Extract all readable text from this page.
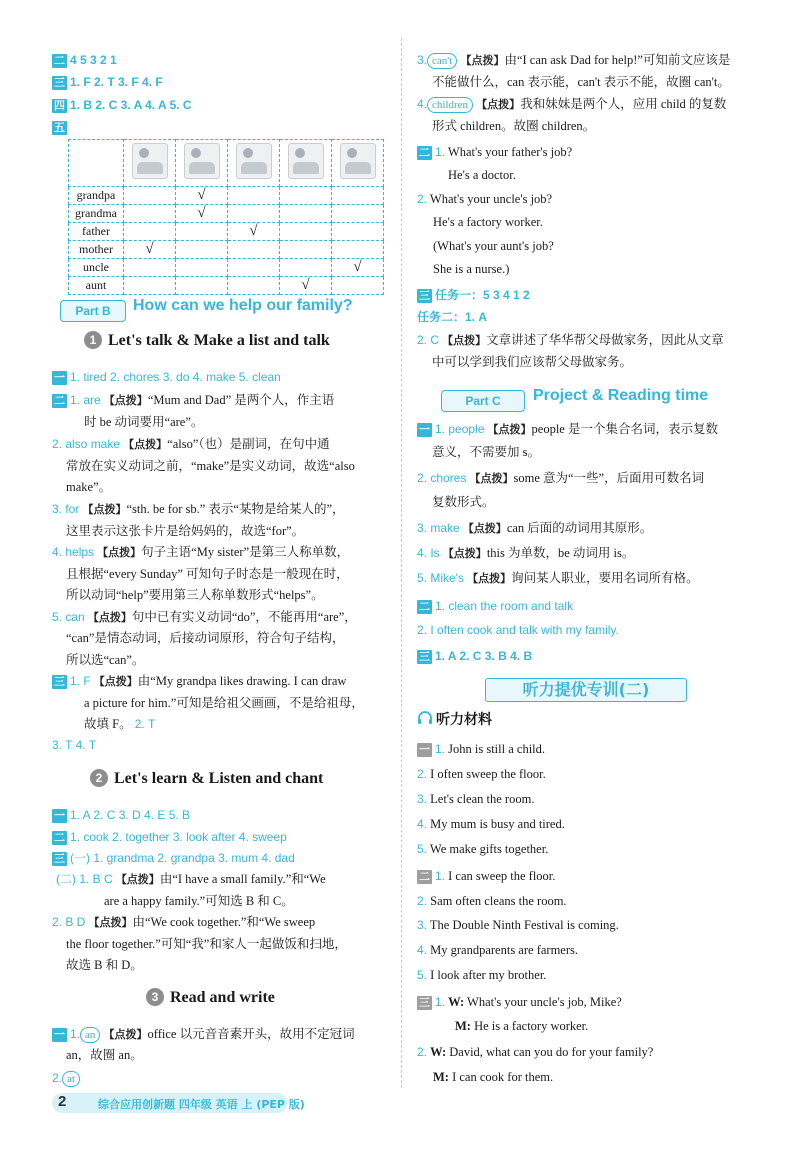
二 4 5 3 2 1
三 1. F 2. T 3. F 4. F
四 1. B 2. C 3. A 4. A 5. C
五

grandpa		√			
grandma		√			
father			√		
mother	√				
uncle					√
aunt				√	
Part B	How can we help our family?
1 Let's talk & Make a list and talk
一 1. tired 2. chores 3. do 4. make 5. clean
二 1. are 【点拨】“Mum and Dad” 是两个人，作主语
时 be 动词要用“are”。
2. also make 【点拨】“also”（也）是副词，在句中通
常放在实义动词之前，“make”是实义动词，故选“also
make”。
3. for 【点拨】“sth. be for sb.” 表示“某物是给某人的”，
这里表示这张卡片是给妈妈的，故选“for”。
4. helps 【点拨】句子主语“My sister”是第三人称单数，
且根据“every Sunday” 可知句子时态是一般现在时，
所以动词“help”要用第三人称单数形式“helps”。
5. can 【点拨】句中已有实义动词“do”，不能再用“are”，
“can”是情态动词，后接动词原形，符合句子结构，
所以选“can”。
三 1. F 【点拨】由“My grandpa likes drawing. I can draw
a picture for him.”可知是给祖父画画，不是给祖母，
故填 F。 2. T
3. T 4. T
2 Let's learn & Listen and chant
一 1. A 2. C 3. D 4. E 5. B
二 1. cook 2. together 3. look after 4. sweep
三 (一) 1. grandma 2. grandpa 3. mum 4. dad
(二) 1. B C 【点拨】由“I have a small family.”和“We
are a happy family.”可知选 B 和 C。
2. B D 【点拨】由“We cook together.”和“We sweep
the floor together.”可知“我”和家人一起做饭和扫地，
故选 B 和 D。
3 Read and write
一 1. an 【点拨】office 以元音音素开头，故用不定冠词
an，故圈 an。
2. at
3. can't 【点拨】由“I can ask Dad for help!”可知前文应该是
不能做什么，can 表示能，can't 表示不能，故圈 can't。
4. children 【点拨】我和妹妹是两个人，应用 child 的复数
形式 children。故圈 children。
二 1. What's your father's job?
He's a doctor.
2. What's your uncle's job?
He's a factory worker.
(What's your aunt's job?
She is a nurse.)
三 任务一：5 3 4 1 2
任务二：1. A
2. C 【点拨】文章讲述了华华帮父母做家务，因此从文章
中可以学到我们应该帮父母做家务。
Part C	Project & Reading time
一 1. people 【点拨】people 是一个集合名词，表示复数
意义，不需要加 s。
2. chores 【点拨】some 意为“一些”，后面用可数名词
复数形式。
3. make 【点拨】can 后面的动词用其原形。
4. Is 【点拨】this 为单数，be 动词用 is。
5. Mike's 【点拨】询问某人职业，要用名词所有格。
二 1. clean the room and talk
2. I often cook and talk with my family.
三 1. A 2. C 3. B 4. B
听力提优专训(二)
听力材料
一 1. John is still a child.
2. I often sweep the floor.
3. Let's clean the room.
4. My mum is busy and tired.
5. We make gifts together.
二 1. I can sweep the floor.
2. Sam often cleans the room.
3. The Double Ninth Festival is coming.
4. My grandparents are farmers.
5. I look after my brother.
三 1. W: What's your uncle's job, Mike?
M: He is a factory worker.
2. W: David, what can you do for your family?
M: I can cook for them.
2	综合应用创新题 四年级 英语 上 (PEP 版)
